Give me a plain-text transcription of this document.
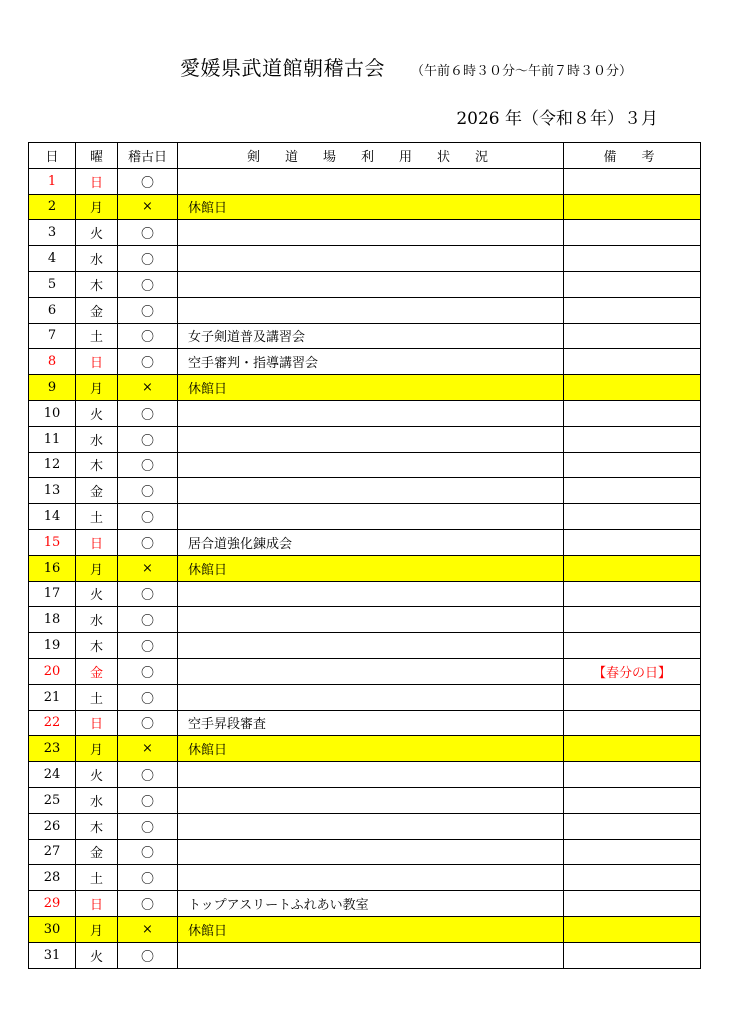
愛媛県武道館朝稽古会 （午前６時３０分～午前７時３０分）
2026 年（令和８年）３月
日	曜	稽古日	剣　道　場　利　用　状　況	備　考
1	日	〇		
2	月	×	休館日	
3	火	〇		
4	水	〇		
5	木	〇		
6	金	〇		
7	土	〇	女子剣道普及講習会	
8	日	〇	空手審判・指導講習会	
9	月	×	休館日	
10	火	〇		
11	水	〇		
12	木	〇		
13	金	〇		
14	土	〇		
15	日	〇	居合道強化錬成会	
16	月	×	休館日	
17	火	〇		
18	水	〇		
19	木	〇		
20	金	〇		【春分の日】
21	土	〇		
22	日	〇	空手昇段審査	
23	月	×	休館日	
24	火	〇		
25	水	〇		
26	木	〇		
27	金	〇		
28	土	〇		
29	日	〇	トップアスリートふれあい教室	
30	月	×	休館日	
31	火	〇		
